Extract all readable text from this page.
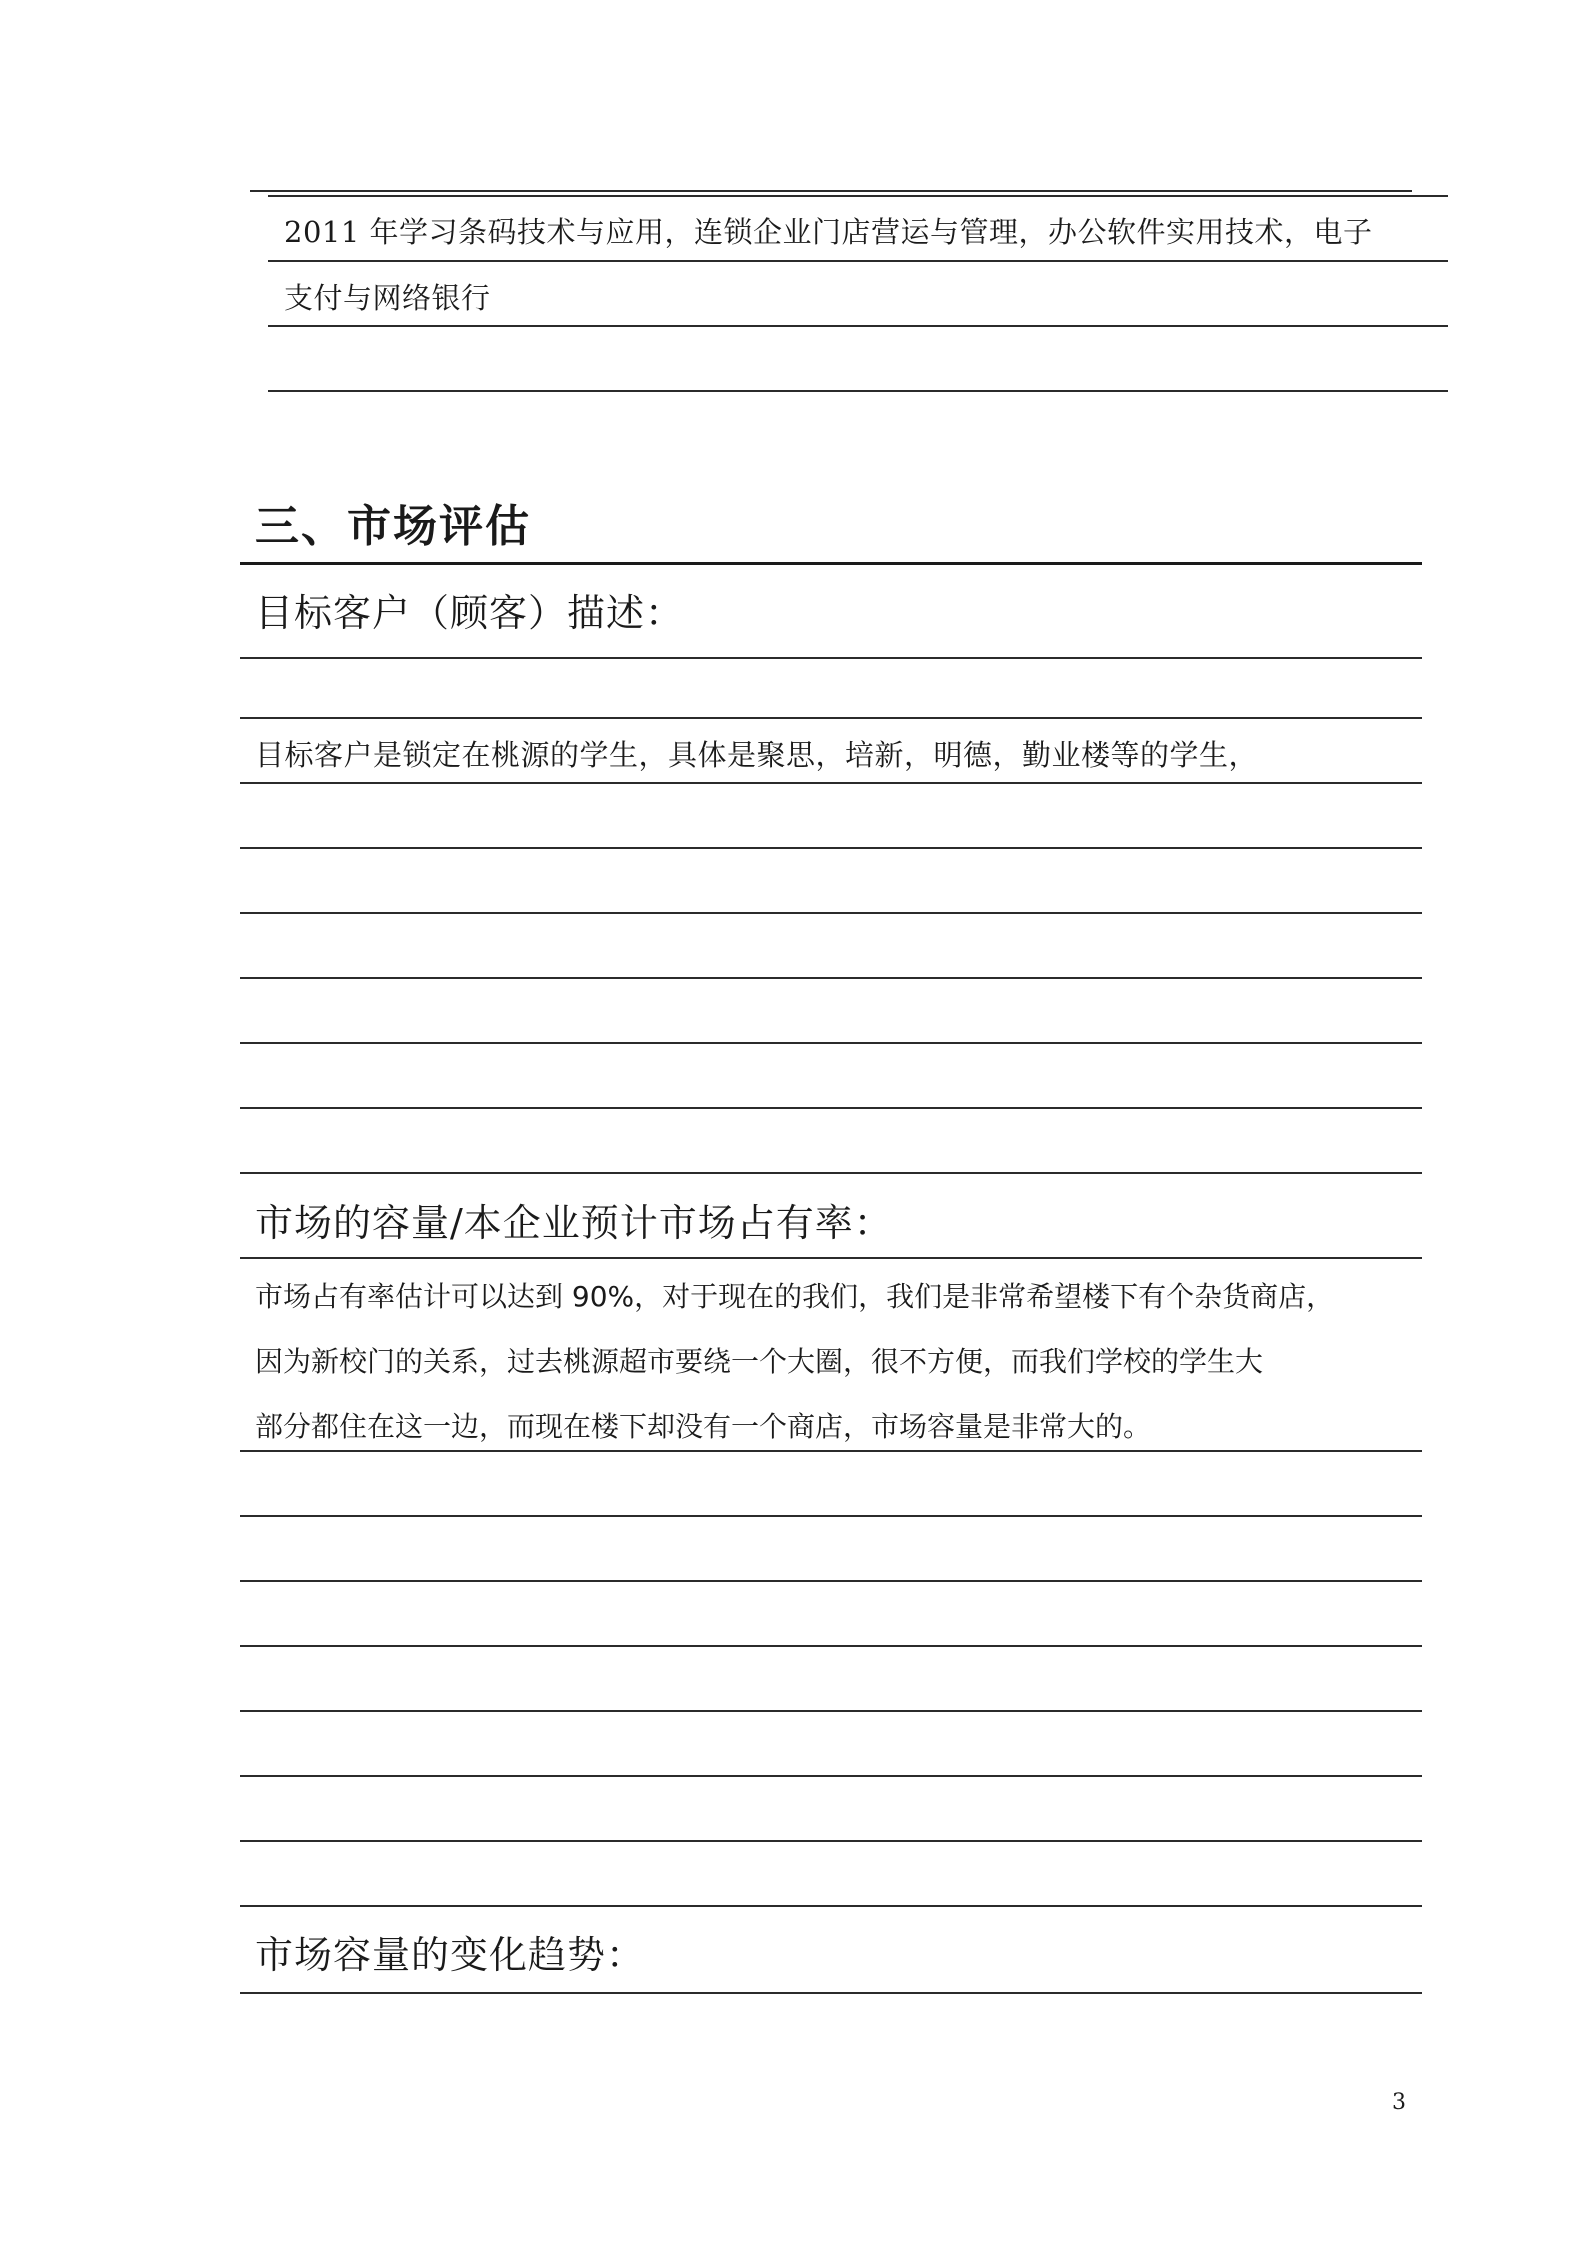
2011 年学习条码技术与应用，连锁企业门店营运与管理，办公软件实用技术，电子
支付与网络银行
三、市场评估
目标客户（顾客）描述：
目标客户是锁定在桃源的学生，具体是聚思，培新，明德，勤业楼等的学生，
市场的容量/本企业预计市场占有率：
市场占有率估计可以达到 90%，对于现在的我们，我们是非常希望楼下有个杂货商店，
因为新校门的关系，过去桃源超市要绕一个大圈，很不方便，而我们学校的学生大
部分都住在这一边，而现在楼下却没有一个商店，市场容量是非常大的。
市场容量的变化趋势：
3
